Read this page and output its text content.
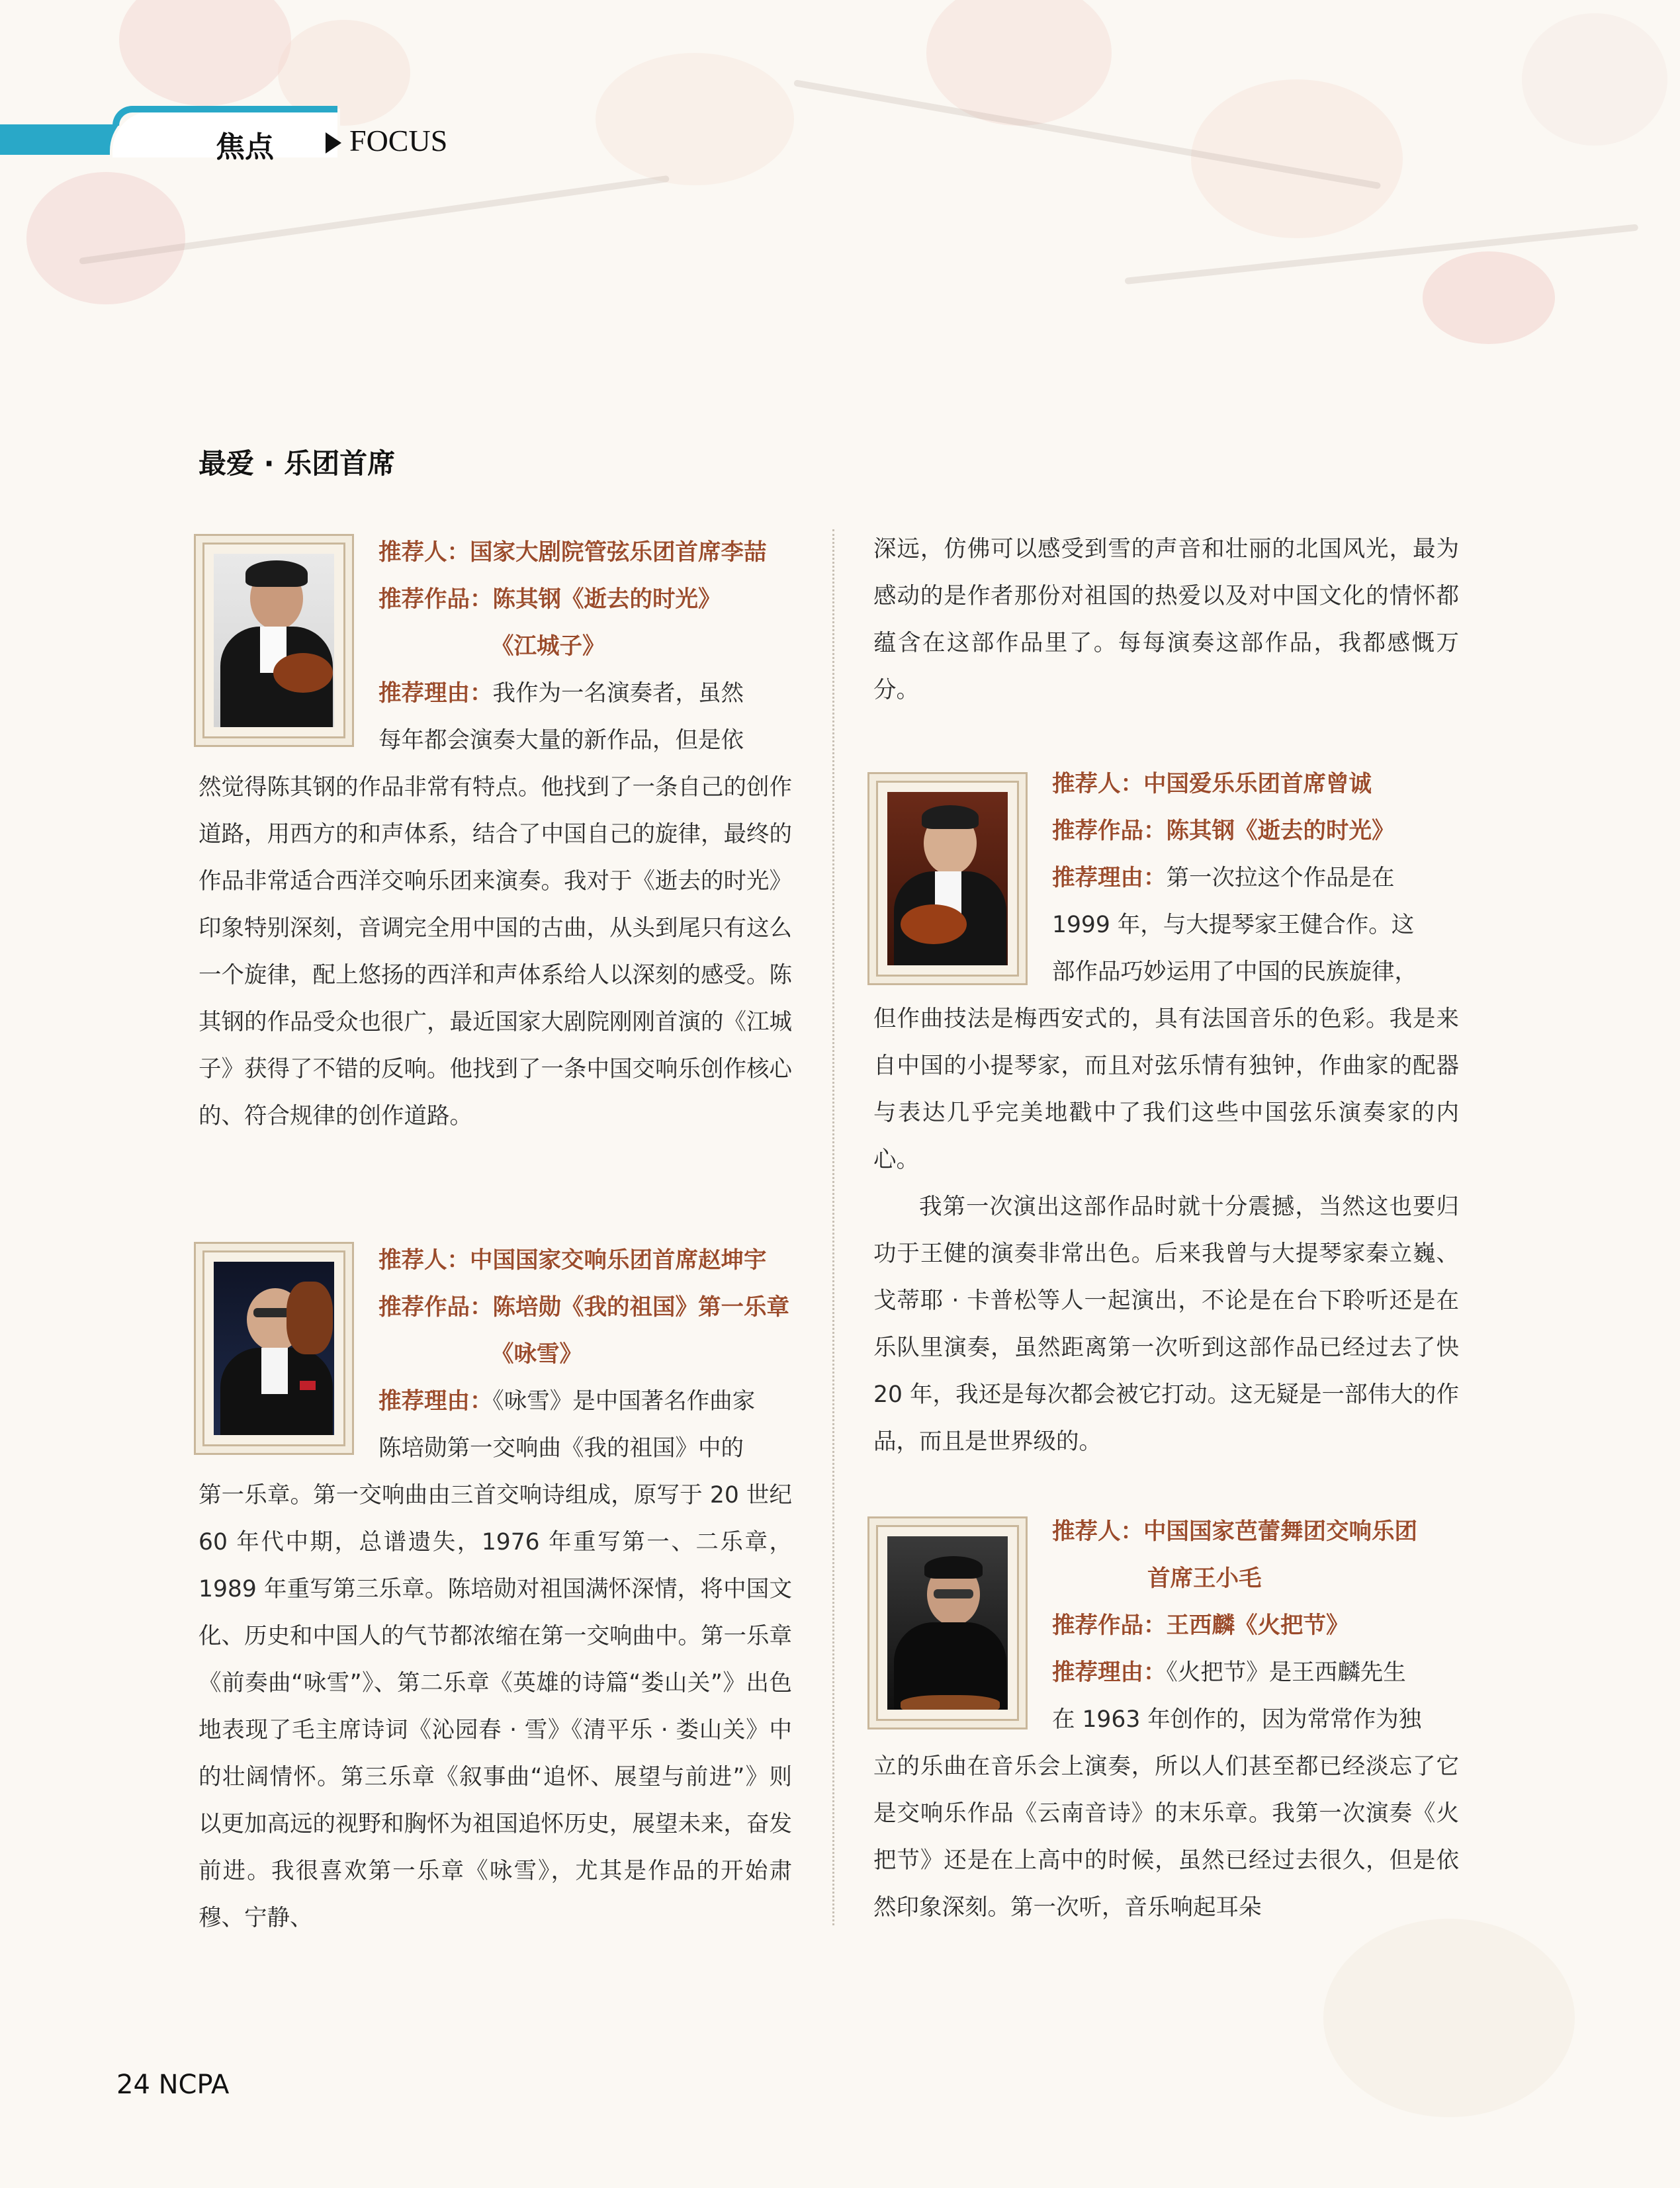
焦点 FOCUS
最爱 · 乐团首席
推荐人：国家大剧院管弦乐团首席李喆
推荐作品：陈其钢《逝去的时光》
《江城子》
推荐理由：我作为一名演奏者，虽然
每年都会演奏大量的新作品，但是依
然觉得陈其钢的作品非常有特点。他找到了一条自己的创作道路，用西方的和声体系，结合了中国自己的旋律，最终的作品非常适合西洋交响乐团来演奏。我对于《逝去的时光》印象特别深刻，音调完全用中国的古曲，从头到尾只有这么一个旋律，配上悠扬的西洋和声体系给人以深刻的感受。陈其钢的作品受众也很广，最近国家大剧院刚刚首演的《江城子》获得了不错的反响。他找到了一条中国交响乐创作核心的、符合规律的创作道路。
推荐人：中国国家交响乐团首席赵坤宇
推荐作品：陈培勋《我的祖国》第一乐章
《咏雪》
推荐理由：《咏雪》是中国著名作曲家
陈培勋第一交响曲《我的祖国》中的
第一乐章。第一交响曲由三首交响诗组成，原写于 20 世纪 60 年代中期，总谱遗失，1976 年重写第一、二乐章，1989 年重写第三乐章。陈培勋对祖国满怀深情，将中国文化、历史和中国人的气节都浓缩在第一交响曲中。第一乐章《前奏曲“咏雪”》、第二乐章《英雄的诗篇“娄山关”》出色地表现了毛主席诗词《沁园春 · 雪》《清平乐 · 娄山关》中的壮阔情怀。第三乐章《叙事曲“追怀、展望与前进”》则以更加高远的视野和胸怀为祖国追怀历史，展望未来，奋发前进。我很喜欢第一乐章《咏雪》，尤其是作品的开始肃穆、宁静、
深远，仿佛可以感受到雪的声音和壮丽的北国风光，最为感动的是作者那份对祖国的热爱以及对中国文化的情怀都蕴含在这部作品里了。每每演奏这部作品，我都感慨万分。
推荐人：中国爱乐乐团首席曾诚
推荐作品：陈其钢《逝去的时光》
推荐理由：第一次拉这个作品是在
1999 年，与大提琴家王健合作。这
部作品巧妙运用了中国的民族旋律，
但作曲技法是梅西安式的，具有法国音乐的色彩。我是来自中国的小提琴家，而且对弦乐情有独钟，作曲家的配器与表达几乎完美地戳中了我们这些中国弦乐演奏家的内心。
我第一次演出这部作品时就十分震撼，当然这也要归功于王健的演奏非常出色。后来我曾与大提琴家秦立巍、戈蒂耶 · 卡普松等人一起演出，不论是在台下聆听还是在乐队里演奏，虽然距离第一次听到这部作品已经过去了快 20 年，我还是每次都会被它打动。这无疑是一部伟大的作品，而且是世界级的。
推荐人：中国国家芭蕾舞团交响乐团
首席王小毛
推荐作品：王西麟《火把节》
推荐理由：《火把节》是王西麟先生
在 1963 年创作的，因为常常作为独
立的乐曲在音乐会上演奏，所以人们甚至都已经淡忘了它是交响乐作品《云南音诗》的末乐章。我第一次演奏《火把节》还是在上高中的时候，虽然已经过去很久，但是依然印象深刻。第一次听，音乐响起耳朵
24 NCPA
